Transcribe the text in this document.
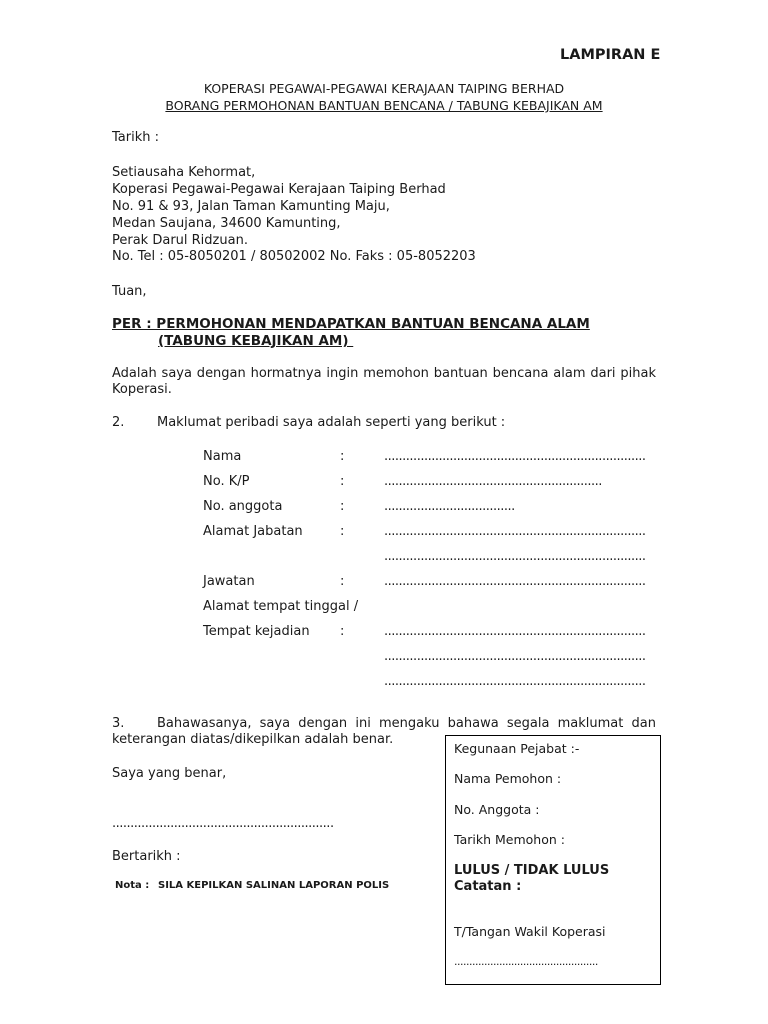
LAMPIRAN E
KOPERASI PEGAWAI-PEGAWAI KERAJAAN TAIPING BERHAD
BORANG PERMOHONAN BANTUAN BENCANA / TABUNG KEBAJIKAN AM
Tarikh :
Setiausaha Kehormat,
Koperasi Pegawai-Pegawai Kerajaan Taiping Berhad
No. 91 & 93, Jalan Taman Kamunting Maju,
Medan Saujana, 34600 Kamunting,
Perak Darul Ridzuan.
No. Tel : 05-8050201 / 80502002 No. Faks : 05-8052203
Tuan,
PER : PERMOHONAN MENDAPATKAN BANTUAN BENCANA ALAM
(TABUNG KEBAJIKAN AM)
Adalah saya dengan hormatnya ingin memohon bantuan bencana alam dari pihak
Koperasi.
2.	Maklumat peribadi saya adalah seperti yang berikut :
Nama	:	........................................................................
No. K/P	:	............................................................
No. anggota	:	....................................
Alamat Jabatan	:	........................................................................
........................................................................
Jawatan	:	........................................................................
Alamat tempat tinggal /
Tempat kejadian :	........................................................................
........................................................................
........................................................................
3.	Bahawasanya, saya dengan ini mengaku bahawa segala maklumat dan
keterangan diatas/dikepilkan adalah benar.
Saya yang benar,
.............................................................
Bertarikh :
Nota : SILA KEPILKAN SALINAN LAPORAN POLIS
Kegunaan Pejabat :-
Nama Pemohon :
No. Anggota :
Tarikh Memohon :
LULUS / TIDAK LULUS
Catatan :
T/Tangan Wakil Koperasi
................................................
